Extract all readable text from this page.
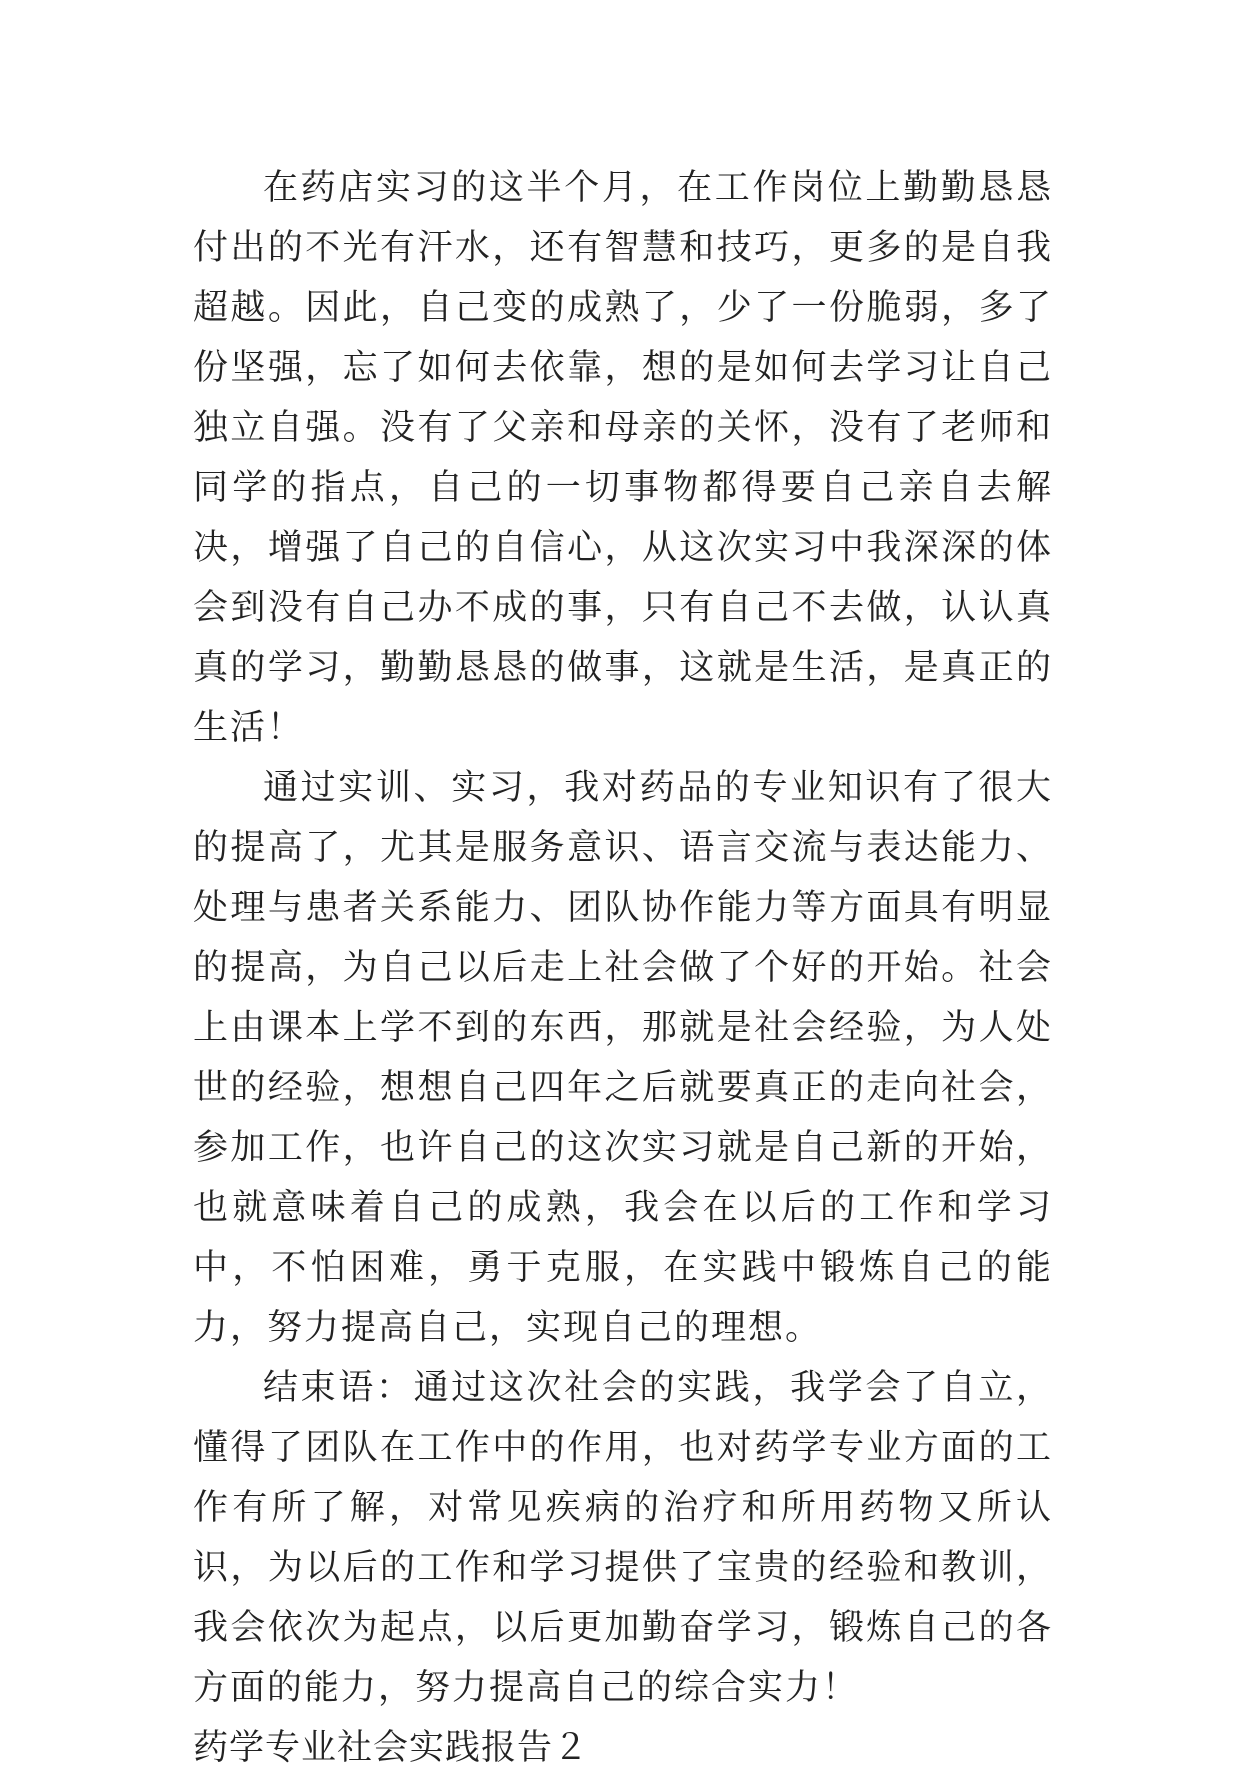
在药店实习的这半个月，在工作岗位上勤勤恳恳付出的不光有汗水，还有智慧和技巧，更多的是自我超越。因此，自己变的成熟了，少了一份脆弱，多了份坚强，忘了如何去依靠，想的是如何去学习让自己独立自强。没有了父亲和母亲的关怀，没有了老师和同学的指点，自己的一切事物都得要自己亲自去解决，增强了自己的自信心，从这次实习中我深深的体会到没有自己办不成的事，只有自己不去做，认认真真的学习，勤勤恳恳的做事，这就是生活，是真正的生活！

通过实训、实习，我对药品的专业知识有了很大的提高了，尤其是服务意识、语言交流与表达能力、处理与患者关系能力、团队协作能力等方面具有明显的提高，为自己以后走上社会做了个好的开始。社会上由课本上学不到的东西，那就是社会经验，为人处世的经验，想想自己四年之后就要真正的走向社会，参加工作，也许自己的这次实习就是自己新的开始，也就意味着自己的成熟，我会在以后的工作和学习中，不怕困难，勇于克服，在实践中锻炼自己的能力，努力提高自己，实现自己的理想。

结束语：通过这次社会的实践，我学会了自立，懂得了团队在工作中的作用，也对药学专业方面的工作有所了解，对常见疾病的治疗和所用药物又所认识，为以后的工作和学习提供了宝贵的经验和教训，我会依次为起点，以后更加勤奋学习，锻炼自己的各方面的能力，努力提高自己的综合实力！

药学专业社会实践报告２
